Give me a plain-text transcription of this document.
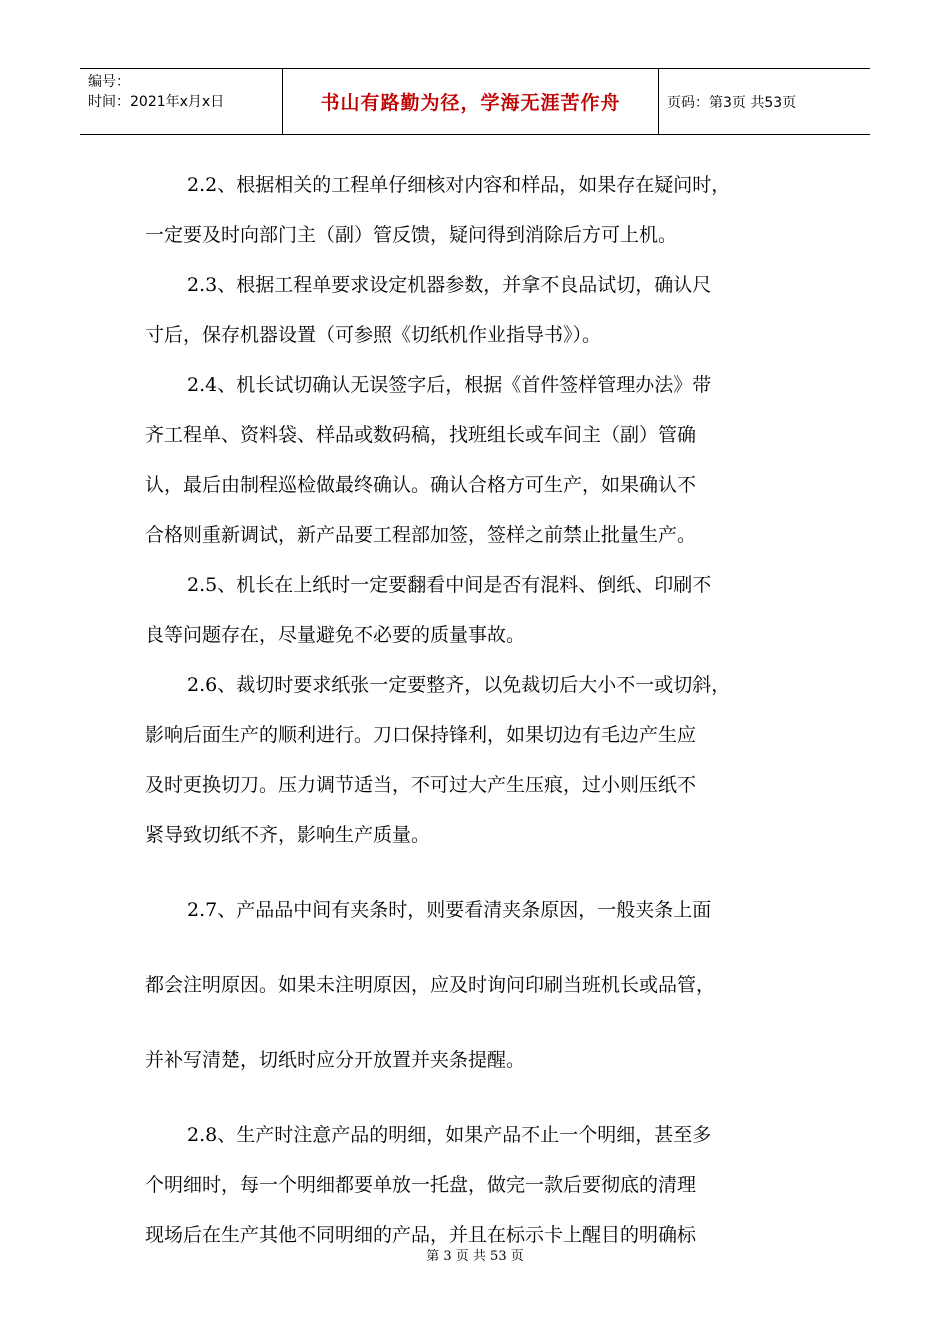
编号：
时间：2021年x月x日	书山有路勤为径，学海无涯苦作舟	页码：第3页 共53页
2.2、根据相关的工程单仔细核对内容和样品，如果存在疑问时，
一定要及时向部门主（副）管反馈，疑问得到消除后方可上机。
2.3、根据工程单要求设定机器参数，并拿不良品试切，确认尺
寸后，保存机器设置（可参照《切纸机作业指导书》）。
2.4、机长试切确认无误签字后，根据《首件签样管理办法》带
齐工程单、资料袋、样品或数码稿，找班组长或车间主（副）管确
认，最后由制程巡检做最终确认。确认合格方可生产，如果确认不
合格则重新调试，新产品要工程部加签，签样之前禁止批量生产。
2.5、机长在上纸时一定要翻看中间是否有混料、倒纸、印刷不
良等问题存在，尽量避免不必要的质量事故。
2.6、裁切时要求纸张一定要整齐，以免裁切后大小不一或切斜，
影响后面生产的顺利进行。刀口保持锋利，如果切边有毛边产生应
及时更换切刀。压力调节适当，不可过大产生压痕，过小则压纸不
紧导致切纸不齐，影响生产质量。
2.7、产品品中间有夹条时，则要看清夹条原因，一般夹条上面
都会注明原因。如果未注明原因，应及时询问印刷当班机长或品管，
并补写清楚，切纸时应分开放置并夹条提醒。
2.8、生产时注意产品的明细，如果产品不止一个明细，甚至多
个明细时，每一个明细都要单放一托盘，做完一款后要彻底的清理
现场后在生产其他不同明细的产品，并且在标示卡上醒目的明确标
第 3 页 共 53 页
